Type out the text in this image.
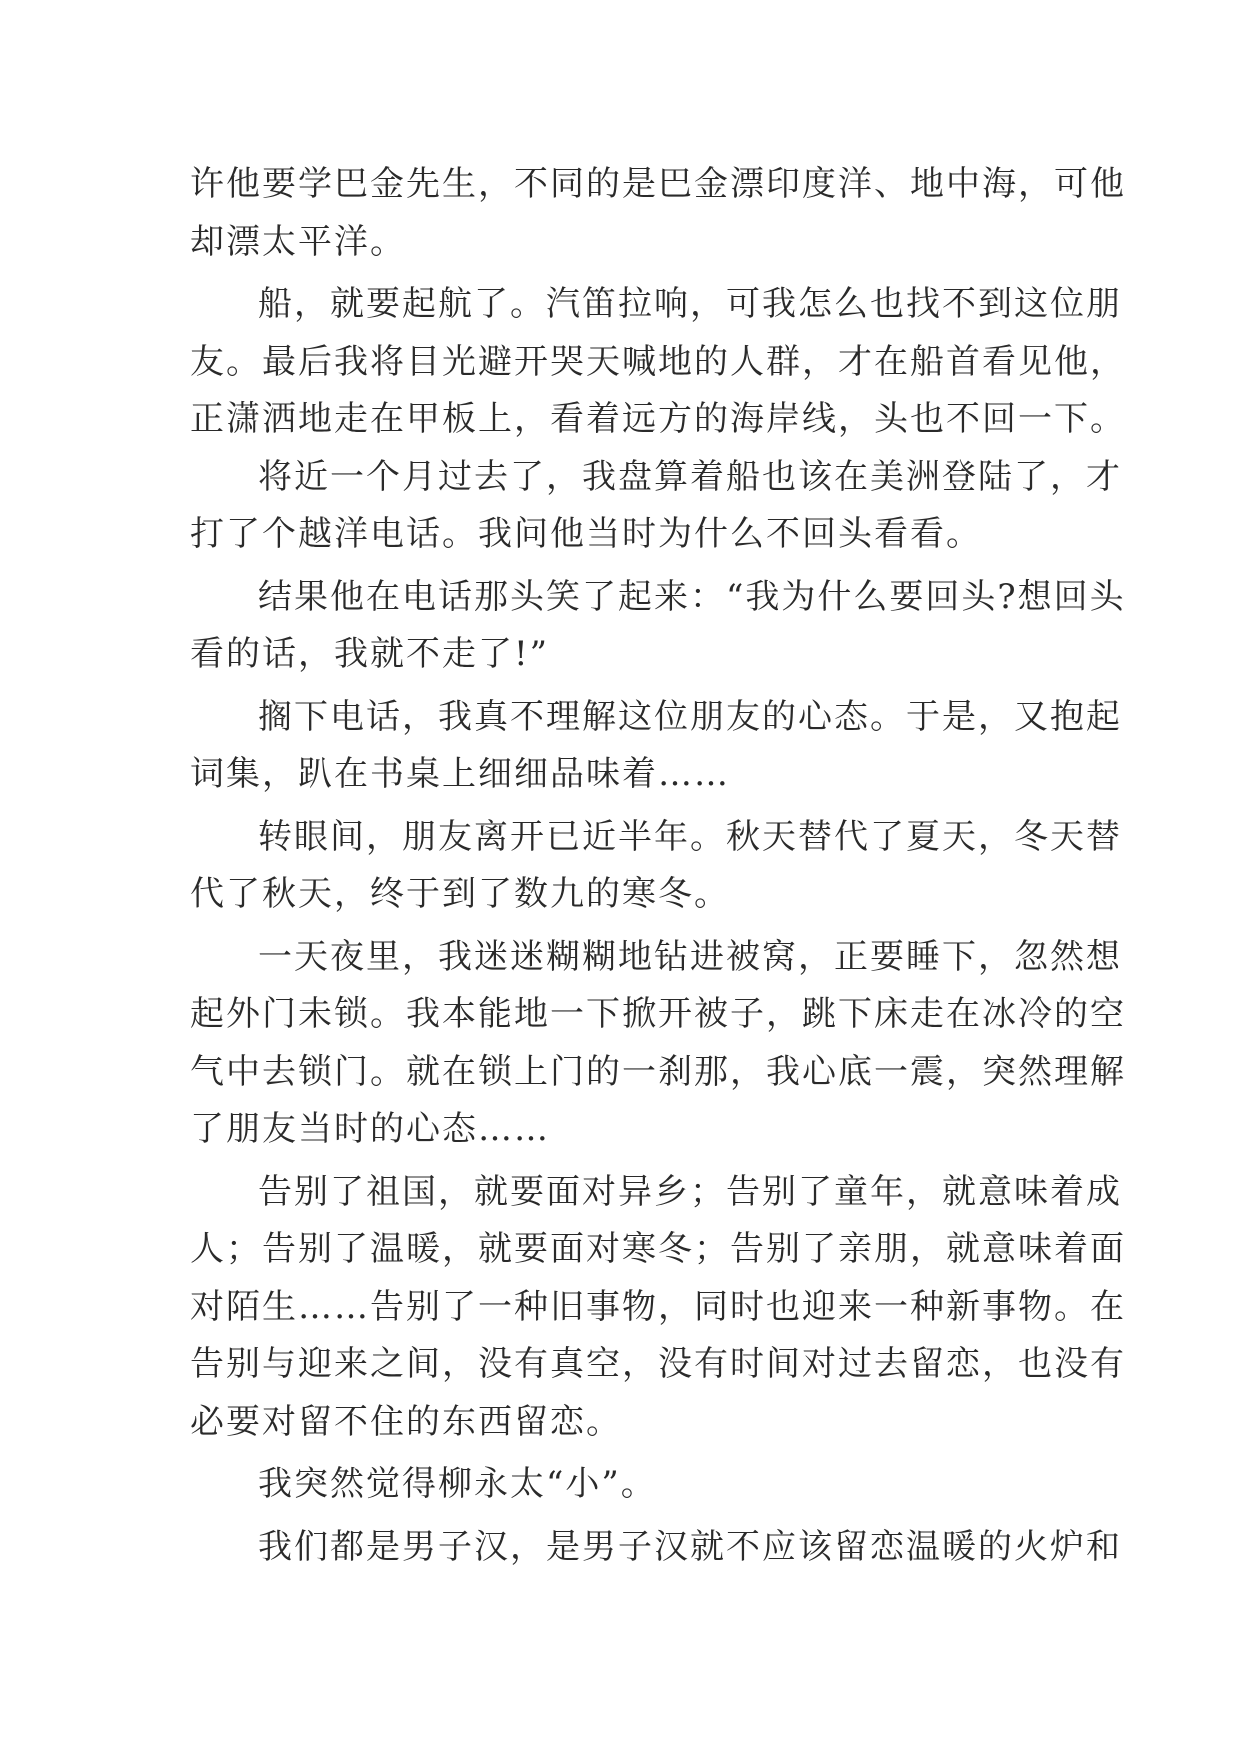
许他要学巴金先生，不同的是巴金漂印度洋、地中海，可他
却漂太平洋。
船，就要起航了。汽笛拉响，可我怎么也找不到这位朋
友。最后我将目光避开哭天喊地的人群，才在船首看见他，
正潇洒地走在甲板上，看着远方的海岸线，头也不回一下。
将近一个月过去了，我盘算着船也该在美洲登陆了，才
打了个越洋电话。我问他当时为什么不回头看看。
结果他在电话那头笑了起来：“我为什么要回头?想回头
看的话，我就不走了!”
搁下电话，我真不理解这位朋友的心态。于是，又抱起
词集，趴在书桌上细细品味着……
转眼间，朋友离开已近半年。秋天替代了夏天，冬天替
代了秋天，终于到了数九的寒冬。
一天夜里，我迷迷糊糊地钻进被窝，正要睡下，忽然想
起外门未锁。我本能地一下掀开被子，跳下床走在冰冷的空
气中去锁门。就在锁上门的一刹那，我心底一震，突然理解
了朋友当时的心态……
告别了祖国，就要面对异乡；告别了童年，就意味着成
人；告别了温暖，就要面对寒冬；告别了亲朋，就意味着面
对陌生……告别了一种旧事物，同时也迎来一种新事物。在
告别与迎来之间，没有真空，没有时间对过去留恋，也没有
必要对留不住的东西留恋。
我突然觉得柳永太“小”。
我们都是男子汉，是男子汉就不应该留恋温暖的火炉和
